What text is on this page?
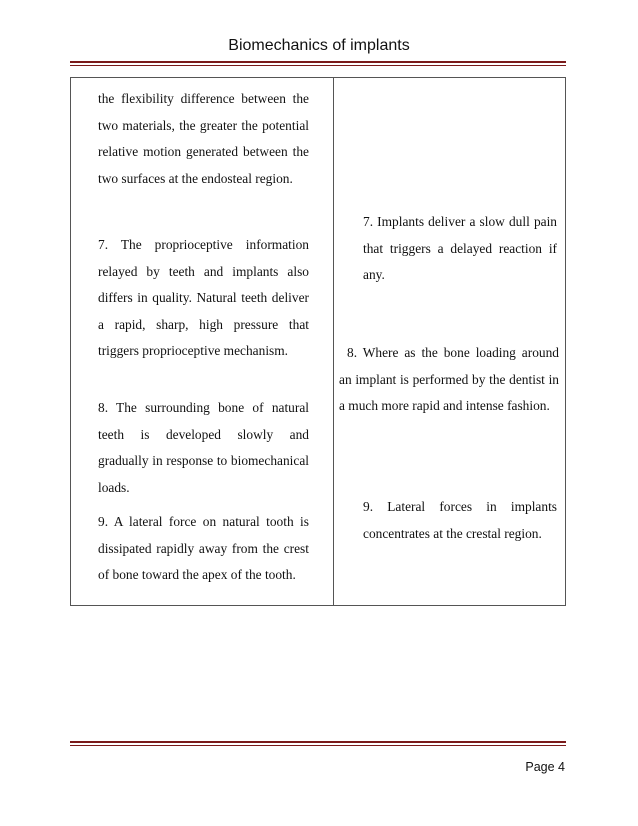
Biomechanics of implants

the flexibility difference between the two materials, the greater the potential relative motion generated between the two surfaces at the endosteal region.

7. The proprioceptive information relayed by teeth and implants also differs in quality. Natural teeth deliver a rapid, sharp, high pressure that triggers proprioceptive mechanism.

8. The surrounding bone of natural teeth is developed slowly and gradually in response to biomechanical loads.

9. A lateral force on natural tooth is dissipated rapidly away from the crest of bone toward the apex of the tooth.

7. Implants deliver a slow dull pain that triggers a delayed reaction if any.

8. Where as the bone loading around an implant is performed by the dentist in a much more rapid and intense fashion.

9. Lateral forces in implants concentrates at the crestal region.

Page 4
